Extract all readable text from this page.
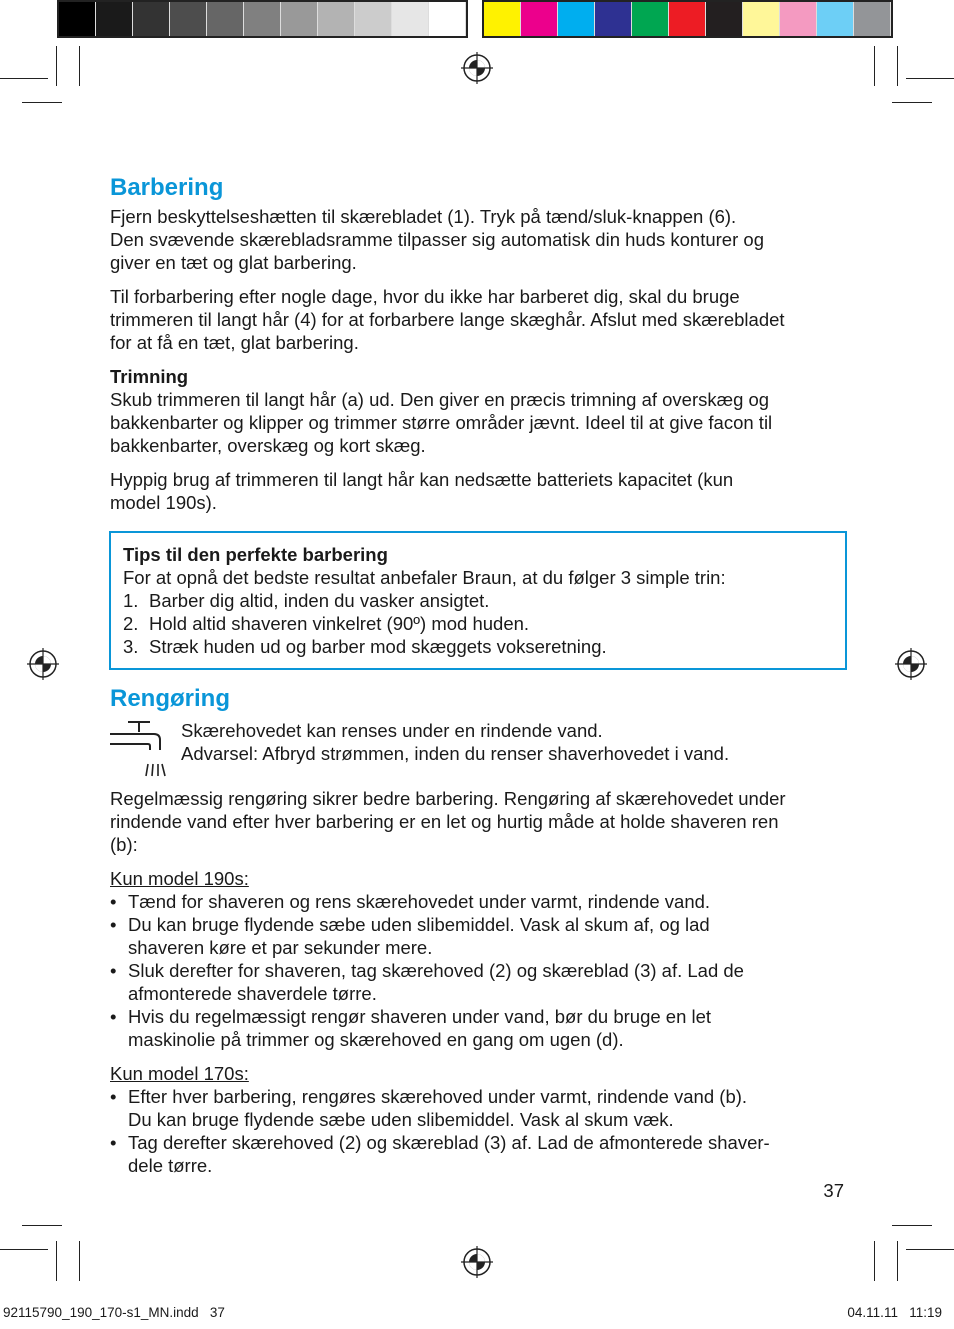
Barbering

Fjern beskyttelseshætten til skærebladet (1). Tryk på tænd/sluk-knappen (6).
Den svævende skærebladsramme tilpasser sig automatisk din huds konturer og
giver en tæt og glat barbering.

Til forbarbering efter nogle dage, hvor du ikke har barberet dig, skal du bruge
trimmeren til langt hår (4) for at forbarbere lange skæghår. Afslut med skærebladet
for at få en tæt, glat barbering.

Trimning

Skub trimmeren til langt hår (a) ud. Den giver en præcis trimning af overskæg og
bakkenbarter og klipper og trimmer større områder jævnt. Ideel til at give facon til
bakkenbarter, overskæg og kort skæg.

Hyppig brug af trimmeren til langt hår kan nedsætte batteriets kapacitet (kun
model 190s).

Tips til den perfekte barbering
For at opnå det bedste resultat anbefaler Braun, at du følger 3 simple trin:
1. Barber dig altid, inden du vasker ansigtet.
2. Hold altid shaveren vinkelret (90º) mod huden.
3. Stræk huden ud og barber mod skæggets vokseretning.
Rengøring
Skærehovedet kan renses under en rindende vand.
Advarsel: Afbryd strømmen, inden du renser shaverhovedet i vand.

Regelmæssig rengøring sikrer bedre barbering. Rengøring af skærehovedet under
rindende vand efter hver barbering er en let og hurtig måde at holde shaveren ren
(b):

Kun model 190s:

• Tænd for shaveren og rens skærehovedet under varmt, rindende vand.
• Du kan bruge flydende sæbe uden slibemiddel. Vask al skum af, og lad
shaveren køre et par sekunder mere.
• Sluk derefter for shaveren, tag skærehoved (2) og skæreblad (3) af. Lad de
afmonterede shaverdele tørre.
• Hvis du regelmæssigt rengør shaveren under vand, bør du bruge en let
maskinolie på trimmer og skærehoved en gang om ugen (d).

Kun model 170s:

• Efter hver barbering, rengøres skærehoved under varmt, rindende vand (b).
Du kan bruge flydende sæbe uden slibemiddel. Vask al skum væk.
• Tag derefter skærehoved (2) og skæreblad (3) af. Lad de afmonterede shaver-
dele tørre.
37
92115790_190_170-s1_MN.indd   37	04.11.11   11:19
